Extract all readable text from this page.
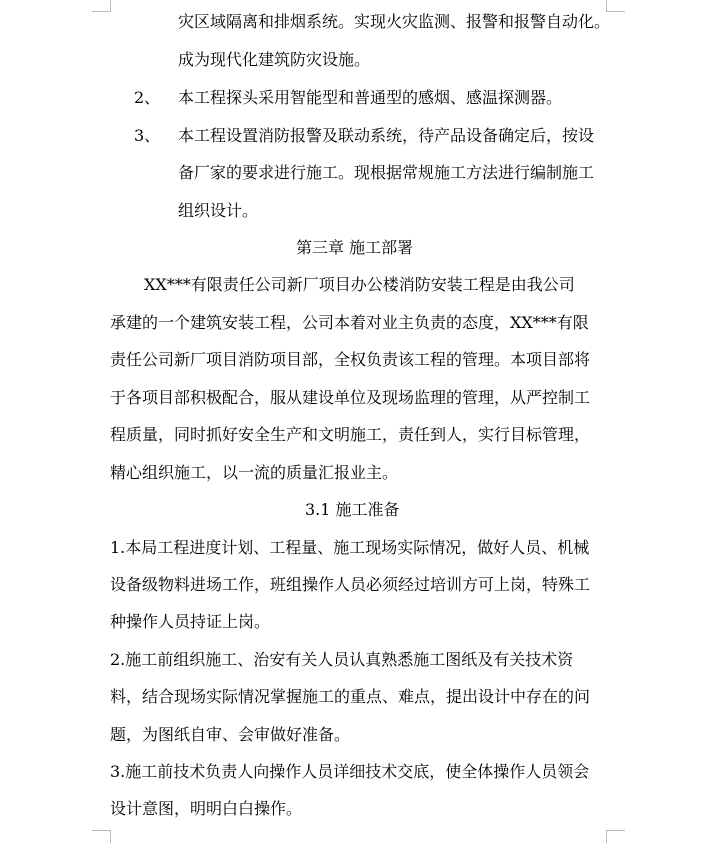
灾区域隔离和排烟系统。实现火灾监测、报警和报警自动化。
成为现代化建筑防灾设施。
2、 本工程探头采用智能型和普通型的感烟、感温探测器。
3、 本工程设置消防报警及联动系统，待产品设备确定后，按设
备厂家的要求进行施工。现根据常规施工方法进行编制施工
组织设计。
第三章 施工部署
XX***有限责任公司新厂项目办公楼消防安装工程是由我公司
承建的一个建筑安装工程，公司本着对业主负责的态度，XX***有限
责任公司新厂项目消防项目部，全权负责该工程的管理。本项目部将
于各项目部积极配合，服从建设单位及现场监理的管理，从严控制工
程质量，同时抓好安全生产和文明施工，责任到人，实行目标管理，
精心组织施工，以一流的质量汇报业主。
3.1 施工准备
1.本局工程进度计划、工程量、施工现场实际情况，做好人员、机械
设备级物料进场工作，班组操作人员必须经过培训方可上岗，特殊工
种操作人员持证上岗。
2.施工前组织施工、治安有关人员认真熟悉施工图纸及有关技术资
料，结合现场实际情况掌握施工的重点、难点，提出设计中存在的问
题，为图纸自审、会审做好准备。
3.施工前技术负责人向操作人员详细技术交底，使全体操作人员领会
设计意图，明明白白操作。
